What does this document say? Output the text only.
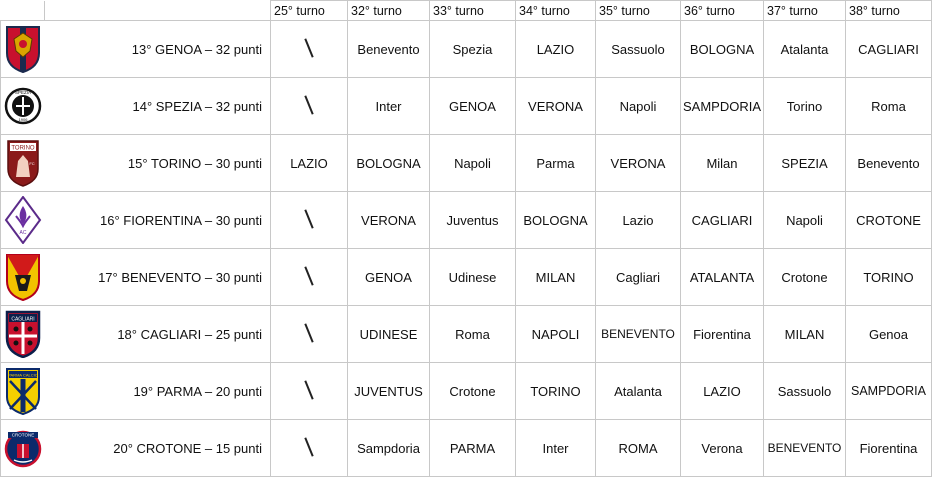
		25° turno	32° turno	33° turno	34° turno	35° turno	36° turno	37° turno	38° turno

	13° GENOA – 32 punti		Benevento	Spezia	LAZIO	Sassuolo	BOLOGNA	Atalanta	CAGLIARI

SPEZIA
1906	14° SPEZIA – 32 punti		Inter	GENOA	VERONA	Napoli	SAMPDORIA	Torino	Roma

TORINO
FC	15° TORINO – 30 punti	LAZIO	BOLOGNA	Napoli	Parma	VERONA	Milan	SPEZIA	Benevento

AC	16° FIORENTINA – 30 punti		VERONA	Juventus	BOLOGNA	Lazio	CAGLIARI	Napoli	CROTONE

	17° BENEVENTO – 30 punti		GENOA	Udinese	MILAN	Cagliari	ATALANTA	Crotone	TORINO

CAGLIARI	18° CAGLIARI – 25 punti		UDINESE	Roma	NAPOLI	BENEVENTO	Fiorentina	MILAN	Genoa

PARMA CALCIO	19° PARMA – 20 punti		JUVENTUS	Crotone	TORINO	Atalanta	LAZIO	Sassuolo	SAMPDORIA

CROTONE	20° CROTONE – 15 punti		Sampdoria	PARMA	Inter	ROMA	Verona	BENEVENTO	Fiorentina
